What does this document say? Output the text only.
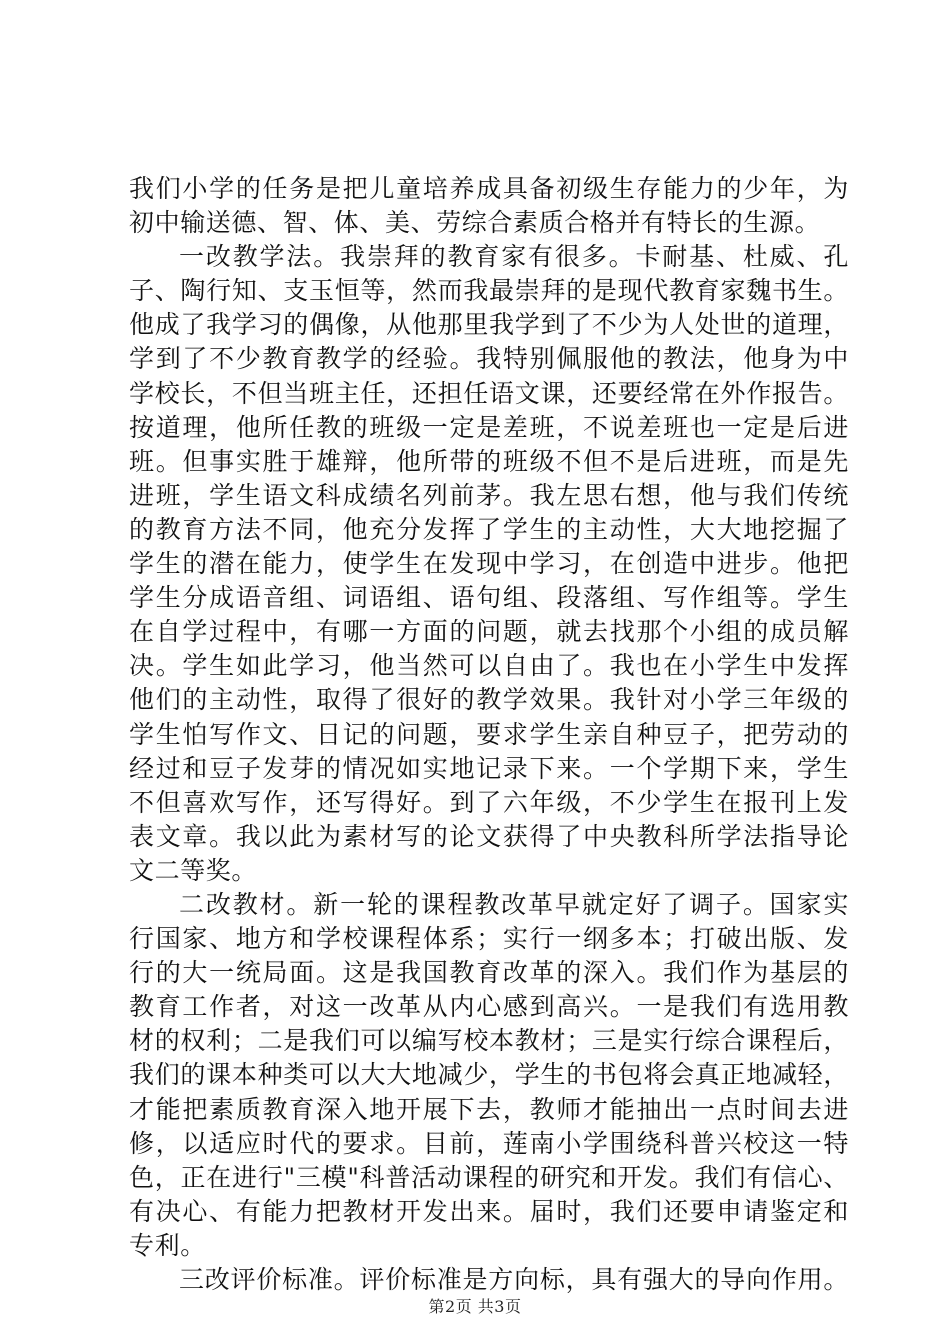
我们小学的任务是把儿童培养成具备初级生存能力的少年，为
初中输送德、智、体、美、劳综合素质合格并有特长的生源。
一改教学法。我崇拜的教育家有很多。卡耐基、杜威、孔
子、陶行知、支玉恒等，然而我最崇拜的是现代教育家魏书生。
他成了我学习的偶像，从他那里我学到了不少为人处世的道理，
学到了不少教育教学的经验。我特别佩服他的教法，他身为中
学校长，不但当班主任，还担任语文课，还要经常在外作报告。
按道理，他所任教的班级一定是差班，不说差班也一定是后进
班。但事实胜于雄辩，他所带的班级不但不是后进班，而是先
进班，学生语文科成绩名列前茅。我左思右想，他与我们传统
的教育方法不同，他充分发挥了学生的主动性，大大地挖掘了
学生的潜在能力，使学生在发现中学习，在创造中进步。他把
学生分成语音组、词语组、语句组、段落组、写作组等。学生
在自学过程中，有哪一方面的问题，就去找那个小组的成员解
决。学生如此学习，他当然可以自由了。我也在小学生中发挥
他们的主动性，取得了很好的教学效果。我针对小学三年级的
学生怕写作文、日记的问题，要求学生亲自种豆子，把劳动的
经过和豆子发芽的情况如实地记录下来。一个学期下来，学生
不但喜欢写作，还写得好。到了六年级，不少学生在报刊上发
表文章。我以此为素材写的论文获得了中央教科所学法指导论
文二等奖。
二改教材。新一轮的课程教改革早就定好了调子。国家实
行国家、地方和学校课程体系；实行一纲多本；打破出版、发
行的大一统局面。这是我国教育改革的深入。我们作为基层的
教育工作者，对这一改革从内心感到高兴。一是我们有选用教
材的权利；二是我们可以编写校本教材；三是实行综合课程后，
我们的课本种类可以大大地减少，学生的书包将会真正地减轻，
才能把素质教育深入地开展下去，教师才能抽出一点时间去进
修，以适应时代的要求。目前，莲南小学围绕科普兴校这一特
色，正在进行"三模"科普活动课程的研究和开发。我们有信心、
有决心、有能力把教材开发出来。届时，我们还要申请鉴定和
专利。
三改评价标准。评价标准是方向标，具有强大的导向作用。
第2页 共3页
